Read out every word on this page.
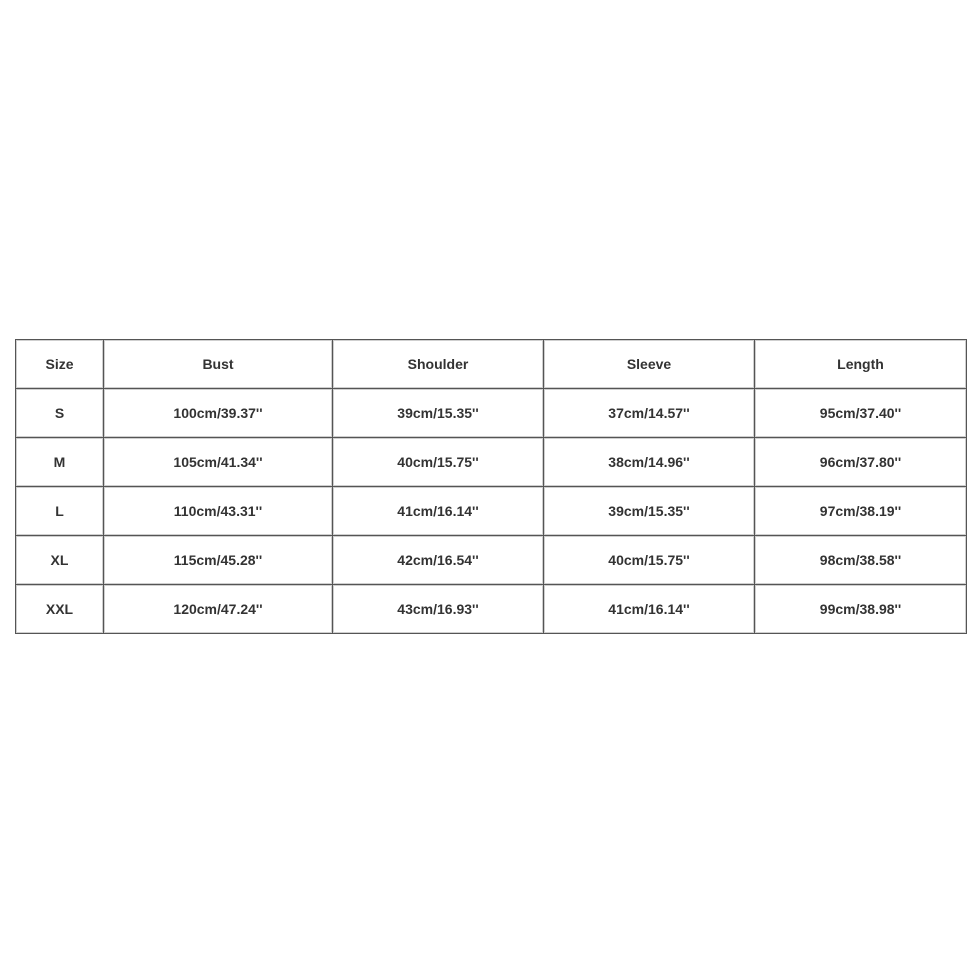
Size	Bust	Shoulder	Sleeve	Length
S	100cm/39.37''	39cm/15.35''	37cm/14.57''	95cm/37.40''
M	105cm/41.34''	40cm/15.75''	38cm/14.96''	96cm/37.80''
L	110cm/43.31''	41cm/16.14''	39cm/15.35''	97cm/38.19''
XL	115cm/45.28''	42cm/16.54''	40cm/15.75''	98cm/38.58''
XXL	120cm/47.24''	43cm/16.93''	41cm/16.14''	99cm/38.98''
